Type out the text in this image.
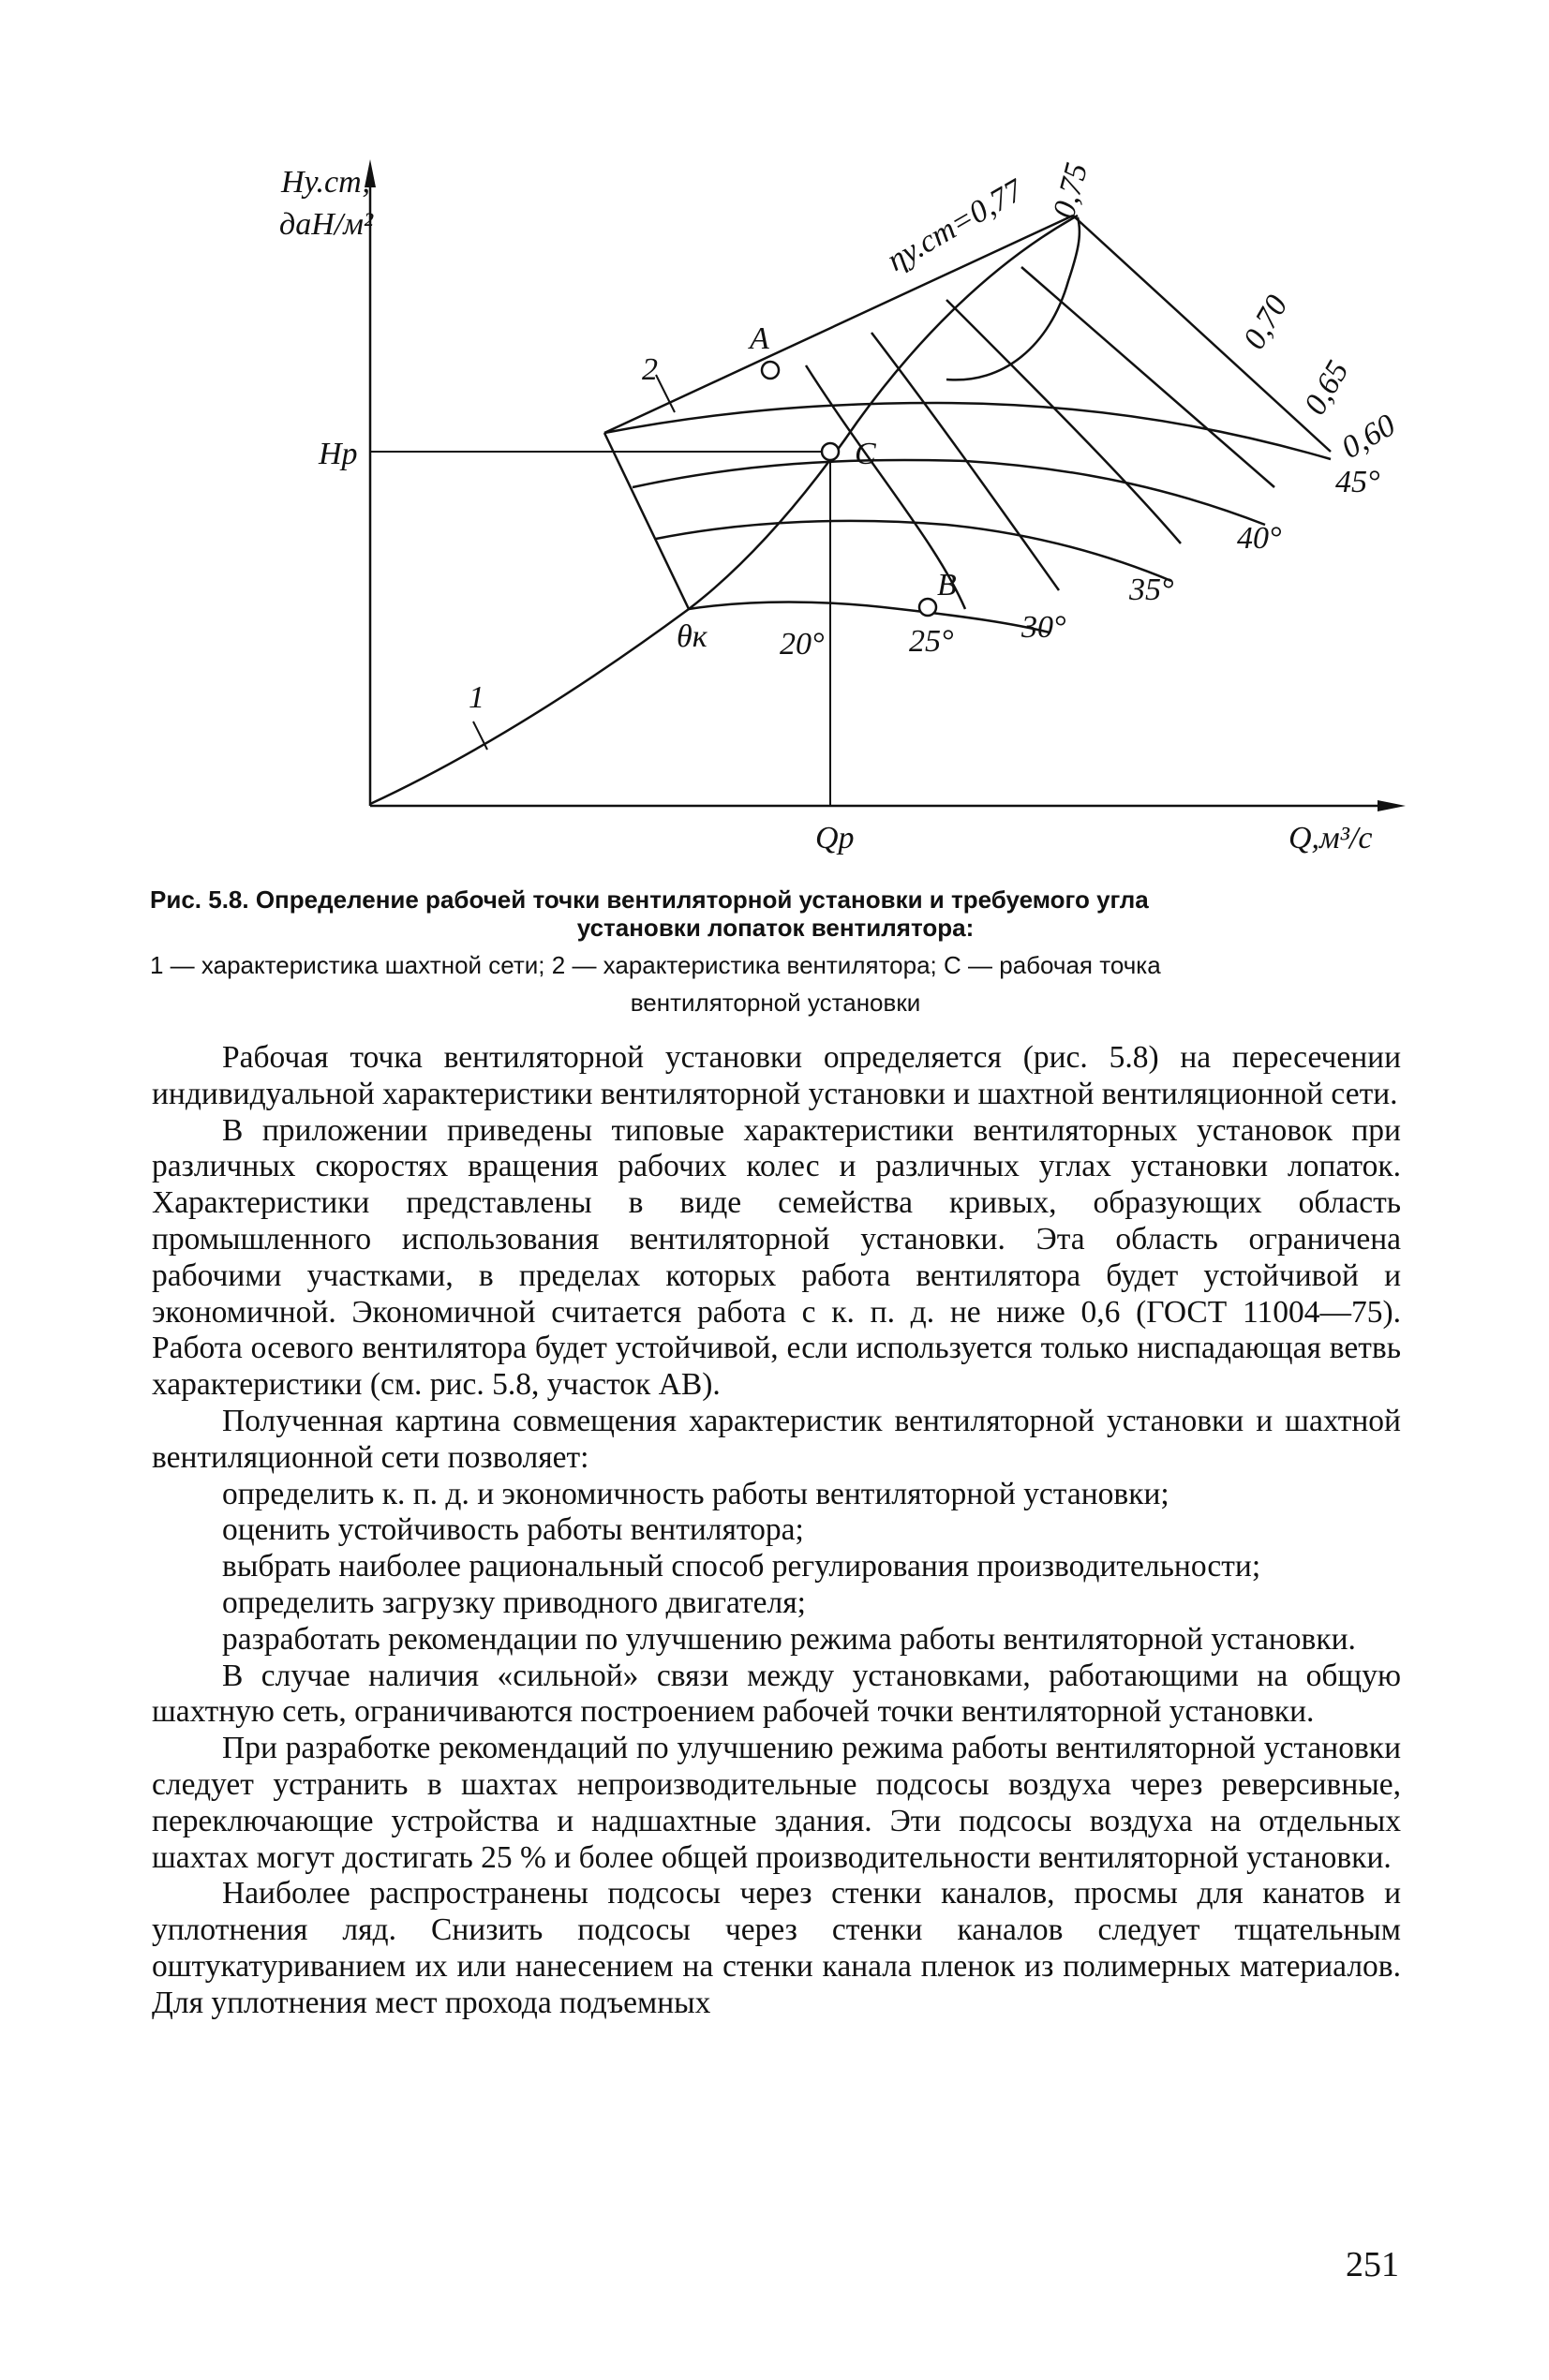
Hу.ст,
даН/м²
Hp
Qp	Q,м³/с
A
C
B
θк
1
2
ηу.ст=0,77 0,75
0,70
0,65
0,60
20°	25° 30°
35°
40°
45°
Рис. 5.8. Определение рабочей точки вентиляторной установки и требуемого угла
установки лопаток вентилятора:
1 — характеристика шахтной сети; 2 — характеристика вентилятора; С — рабочая точка
вентиляторной установки

Рабочая точка вентиляторной установки определяется (рис. 5.8) на пересечении индивидуальной характеристики вентиляторной установки и шахтной вентиляционной сети.

В приложении приведены типовые характеристики вентиляторных установок при различных скоростях вращения рабочих колес и различных углах установки лопаток. Характеристики представлены в виде семейства кривых, образующих область промышленного использования вентиляторной установки. Эта область ограничена рабочими участками, в пределах которых работа вентилятора будет устойчивой и экономичной. Экономичной считается работа с к. п. д. не ниже 0,6 (ГОСТ 11004—75). Работа осевого вентилятора будет устойчивой, если используется только ниспадающая ветвь характеристики (см. рис. 5.8, участок AB).

Полученная картина совмещения характеристик вентиляторной установки и шахтной вентиляционной сети позволяет:

определить к. п. д. и экономичность работы вентиляторной установки;

оценить устойчивость работы вентилятора;

выбрать наиболее рациональный способ регулирования производительности;

определить загрузку приводного двигателя;

разработать рекомендации по улучшению режима работы вентиляторной установки.

В случае наличия «сильной» связи между установками, работающими на общую шахтную сеть, ограничиваются построением рабочей точки вентиляторной установки.

При разработке рекомендаций по улучшению режима работы вентиляторной установки следует устранить в шахтах непроизводительные подсосы воздуха через реверсивные, переключающие устройства и надшахтные здания. Эти подсосы воздуха на отдельных шахтах могут достигать 25 % и более общей производительности вентиляторной установки.

Наиболее распространены подсосы через стенки каналов, просмы для канатов и уплотнения ляд. Снизить подсосы через стенки каналов следует тщательным оштукатуриванием их или нанесением на стенки канала пленок из полимерных материалов. Для уплотнения мест прохода подъемных

251
